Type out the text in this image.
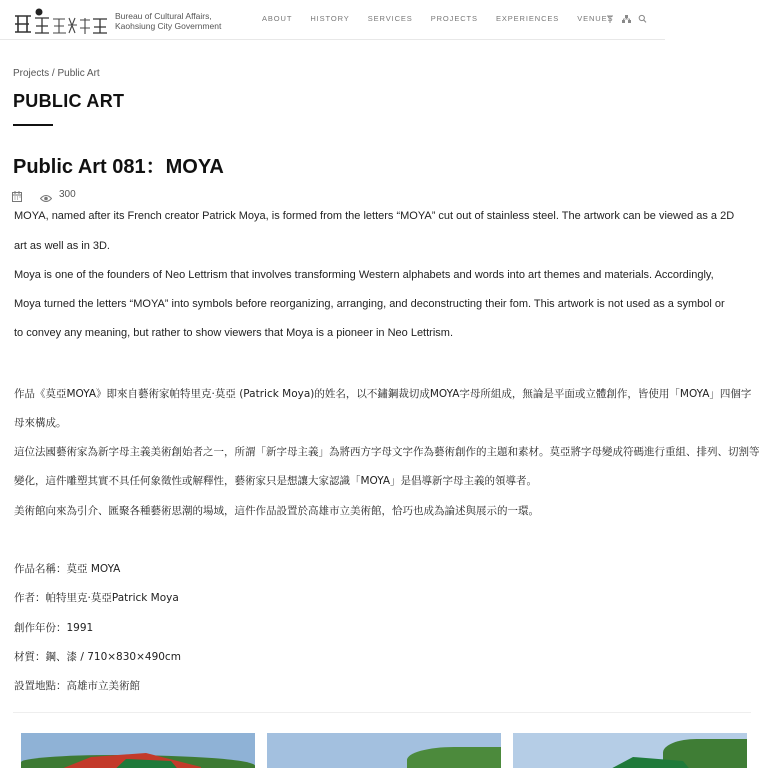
Bureau of Cultural Affairs,
Kaohsiung City Government
ABOUT HISTORY SERVICES PROJECTS EXPERIENCES VENUES
Projects / Public Art
PUBLIC ART
Public Art 081：MOYA
300

MOYA, named after its French creator Patrick Moya, is formed from the letters “MOYA” cut out of stainless steel. The artwork can be viewed as a 2D

art as well as in 3D.

Moya is one of the founders of Neo Lettrism that involves transforming Western alphabets and words into art themes and materials. Accordingly,

Moya turned the letters “MOYA” into symbols before reorganizing, arranging, and deconstructing their fom. This artwork is not used as a symbol or

to convey any meaning, but rather to show viewers that Moya is a pioneer in Neo Lettrism.

作品《莫亞MOYA》即來自藝術家帕特里克·莫亞 (Patrick Moya)的姓名，以不鏽鋼裁切成MOYA字母所組成，無論是平面或立體創作，皆使用「MOYA」四個字

母來構成。

這位法國藝術家為新字母主義美術創始者之一，所謂「新字母主義」為將西方字母文字作為藝術創作的主題和素材。莫亞將字母變成符碼進行重組、排列、切割等

變化，這件雕塑其實不具任何象徵性或解釋性，藝術家只是想讓大家認識「MOYA」是倡導新字母主義的領導者。

美術館向來為引介、匯聚各種藝術思潮的場域，這件作品設置於高雄市立美術館，恰巧也成為論述與展示的一環。

作品名稱：莫亞 MOYA

作者：帕特里克·莫亞Patrick Moya

創作年份：1991

材質：鋼、漆 / 710×830×490cm

設置地點：高雄市立美術館
